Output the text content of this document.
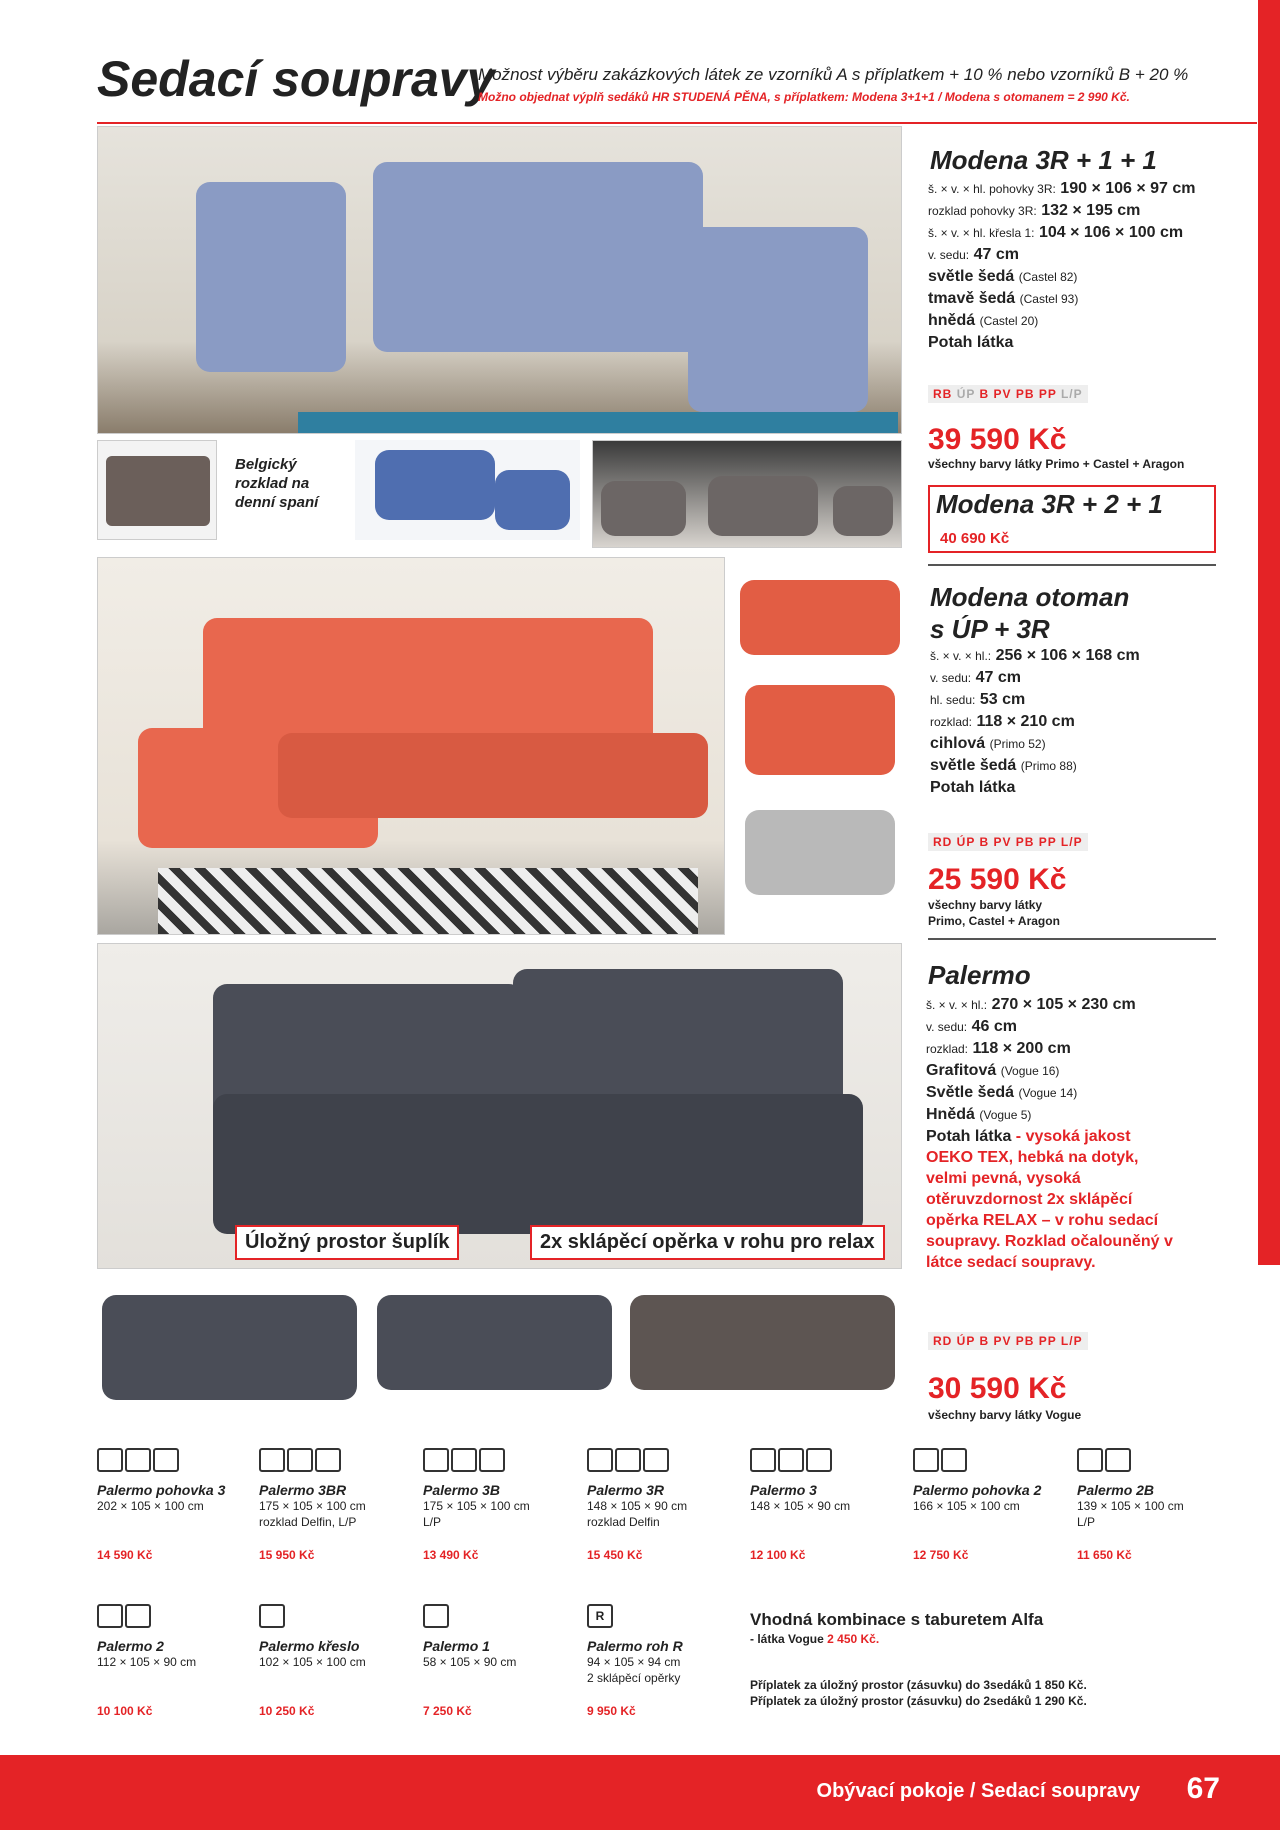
Sedací soupravy
Možnost výběru zakázkových látek ze vzorníků A s příplatkem + 10 % nebo vzorníků B + 20 %
Možno objednat výplň sedáků HR STUDENÁ PĚNA, s příplatkem: Modena 3+1+1 / Modena s otomanem = 2 990 Kč.
Belgický rozklad na denní spaní
Modena 3R + 1 + 1
š. × v. × hl. pohovky 3R: 190 × 106 × 97 cm
rozklad pohovky 3R: 132 × 195 cm
š. × v. × hl. křesla 1: 104 × 106 × 100 cm
v. sedu: 47 cm
světle šedá (Castel 82)
tmavě šedá (Castel 93)
hnědá (Castel 20)
Potah látka
RB ÚP B PV PB PP L/P
39 590 Kč
všechny barvy látky Primo + Castel + Aragon
Modena 3R + 2 + 1
40 690 Kč
Modena otoman
s ÚP + 3R
š. × v. × hl.: 256 × 106 × 168 cm
v. sedu: 47 cm
hl. sedu: 53 cm
rozklad: 118 × 210 cm
cihlová (Primo 52)
světle šedá (Primo 88)
Potah látka
RD ÚP B PV PB PP L/P
25 590 Kč
všechny barvy látky
Primo, Castel + Aragon
Úložný prostor šuplík	2x sklápěcí opěrka v rohu pro relax
Palermo
š. × v. × hl.: 270 × 105 × 230 cm
v. sedu: 46 cm
rozklad: 118 × 200 cm
Grafitová (Vogue 16)
Světle šedá (Vogue 14)
Hnědá (Vogue 5)
Potah látka - vysoká jakost OEKO TEX, hebká na dotyk, velmi pevná, vysoká otěruvzdornost 2x sklápěcí opěrka RELAX – v rohu sedací soupravy. Rozklad očalouněný v látce sedací soupravy.
RD ÚP B PV PB PP L/P
30 590 Kč
všechny barvy látky Vogue
Palermo pohovka 3
202 × 105 × 100 cm
14 590 Kč
Palermo 3BR
175 × 105 × 100 cm
rozklad Delfin, L/P
15 950 Kč
Palermo 3B
175 × 105 × 100 cm
L/P
13 490 Kč
Palermo 3R
148 × 105 × 90 cm
rozklad Delfin
15 450 Kč
Palermo 3
148 × 105 × 90 cm
12 100 Kč
Palermo pohovka 2
166 × 105 × 100 cm
12 750 Kč
Palermo 2B
139 × 105 × 100 cm
L/P
11 650 Kč
Palermo 2
112 × 105 × 90 cm
10 100 Kč
Palermo křeslo
102 × 105 × 100 cm
10 250 Kč
Palermo 1
58 × 105 × 90 cm
7 250 Kč
R
Palermo roh R
94 × 105 × 94 cm
2 sklápěcí opěrky
9 950 Kč
Vhodná kombinace s taburetem Alfa
- látka Vogue 2 450 Kč.
Příplatek za úložný prostor (zásuvku) do 3sedáků 1 850 Kč.
Příplatek za úložný prostor (zásuvku) do 2sedáků 1 290 Kč.
Obývací pokoje / Sedací soupravy 67
